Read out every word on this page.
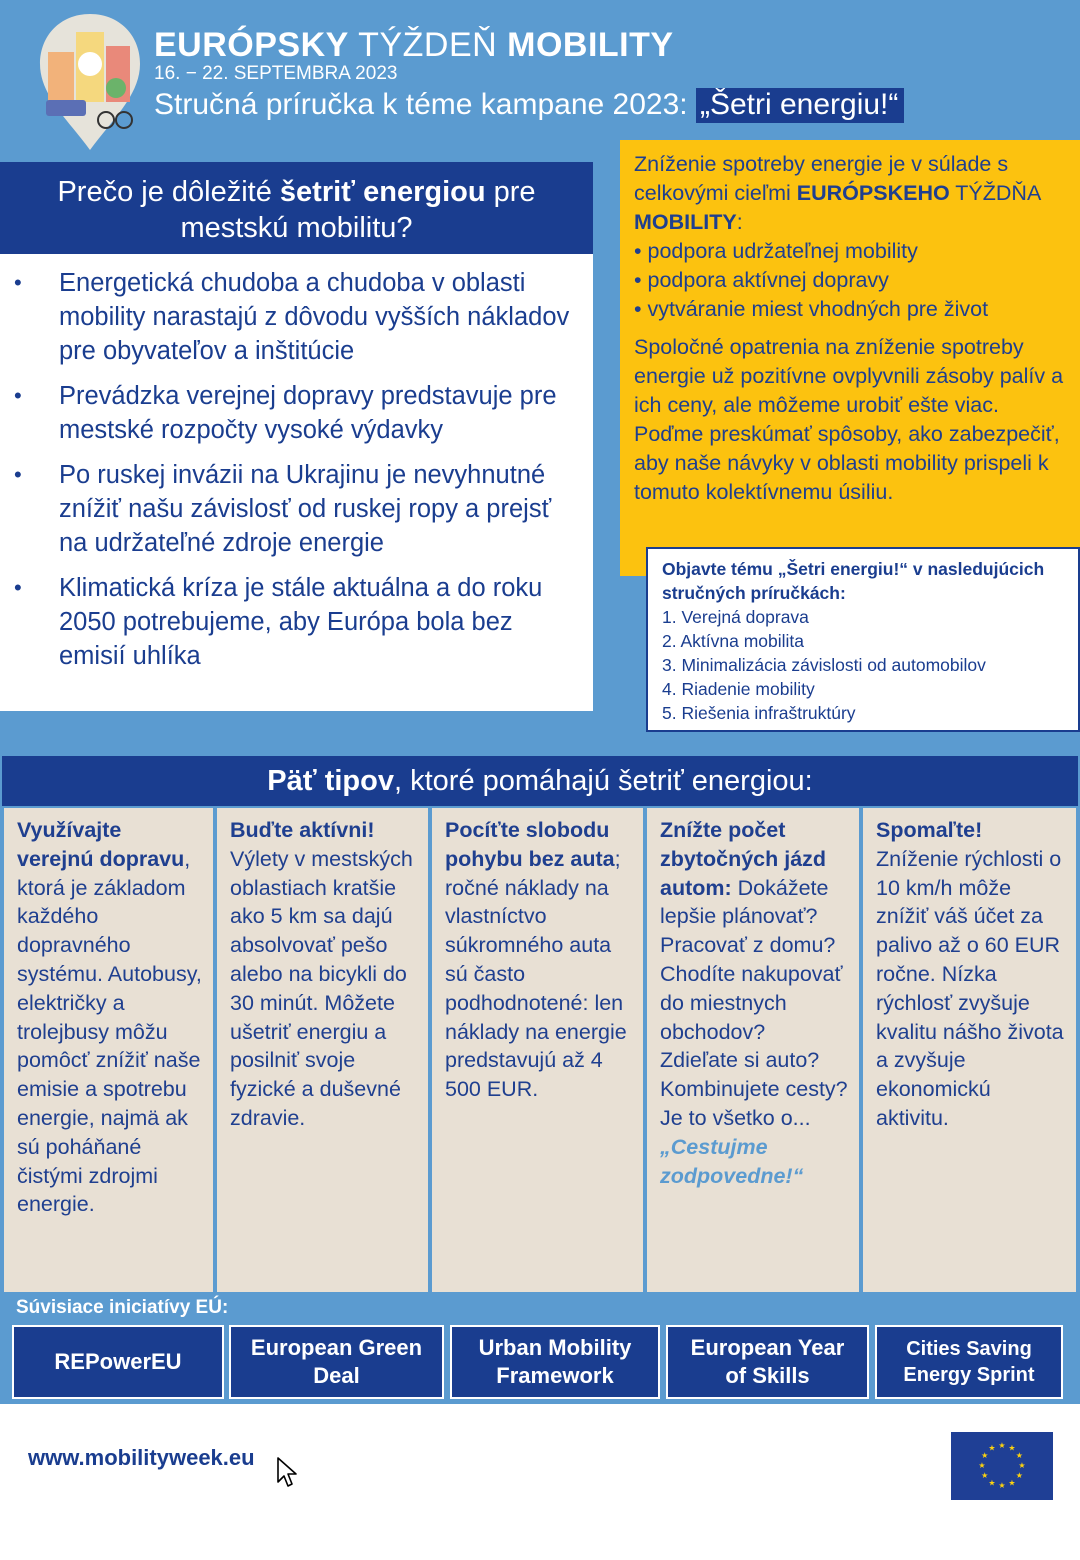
EURÓPSKY TÝŽDEŇ MOBILITY
16. − 22. SEPTEMBRA 2023
Stručná príručka k téme kampane 2023: „Šetri energiu!“
Prečo je dôležité šetriť energiou pre mestskú mobilitu?
• Energetická chudoba a chudoba v oblasti mobility narastajú z dôvodu vyšších nákladov pre obyvateľov a inštitúcie
• Prevádzka verejnej dopravy predstavuje pre mestské rozpočty vysoké výdavky
• Po ruskej invázii na Ukrajinu je nevyhnutné znížiť našu závislosť od ruskej ropy a prejsť na udržateľné zdroje energie
• Klimatická kríza je stále aktuálna a do roku 2050 potrebujeme, aby Európa bola bez emisií uhlíka

Zníženie spotreby energie je v súlade s celkovými cieľmi EURÓPSKEHO TÝŽDŇA MOBILITY:
• podpora udržateľnej mobility
• podpora aktívnej dopravy
• vytváranie miest vhodných pre život

Spoločné opatrenia na zníženie spotreby energie už pozitívne ovplyvnili zásoby palív a ich ceny, ale môžeme urobiť ešte viac. Poďme preskúmať spôsoby, ako zabezpečiť, aby naše návyky v oblasti mobility prispeli k tomuto kolektívnemu úsiliu.

Objavte tému „Šetri energiu!“ v nasledujúcich stručných príručkách:
1. Verejná doprava
2. Aktívna mobilita
3. Minimalizácia závislosti od automobilov
4. Riadenie mobility
5. Riešenia infraštruktúry
Päť tipov, ktoré pomáhajú šetriť energiou:
Využívajte verejnú dopravu, ktorá je základom každého dopravného systému. Autobusy, električky a trolejbusy môžu pomôcť znížiť naše emisie a spotrebu energie, najmä ak sú poháňané čistými zdrojmi energie.
Buďte aktívni! Výlety v mestských oblastiach kratšie ako 5 km sa dajú absolvovať pešo alebo na bicykli do 30 minút. Môžete ušetriť energiu a posilniť svoje fyzické a duševné zdravie.
Pocíťte slobodu pohybu bez auta; ročné náklady na vlastníctvo súkromného auta sú často podhodnotené: len náklady na energie predstavujú až 4 500 EUR.
Znížte počet zbytočných jázd autom: Dokážete lepšie plánovať? Pracovať z domu? Chodíte nakupovať do miestnych obchodov? Zdieľate si auto? Kombinujete cesty? Je to všetko o... „Cestujme zodpovedne!“
Spomaľte! Zníženie rýchlosti o 10 km/h môže znížiť váš účet za palivo až o 60 EUR ročne. Nízka rýchlosť zvyšuje kvalitu nášho života a zvyšuje ekonomickú aktivitu.
Súvisiace iniciatívy EÚ:
REPowerEU
European Green Deal
Urban Mobility Framework
European Year of Skills
Cities Saving Energy Sprint
www.mobilityweek.eu	★ ★
★
★
★
★
★
★
★
★
★
★
